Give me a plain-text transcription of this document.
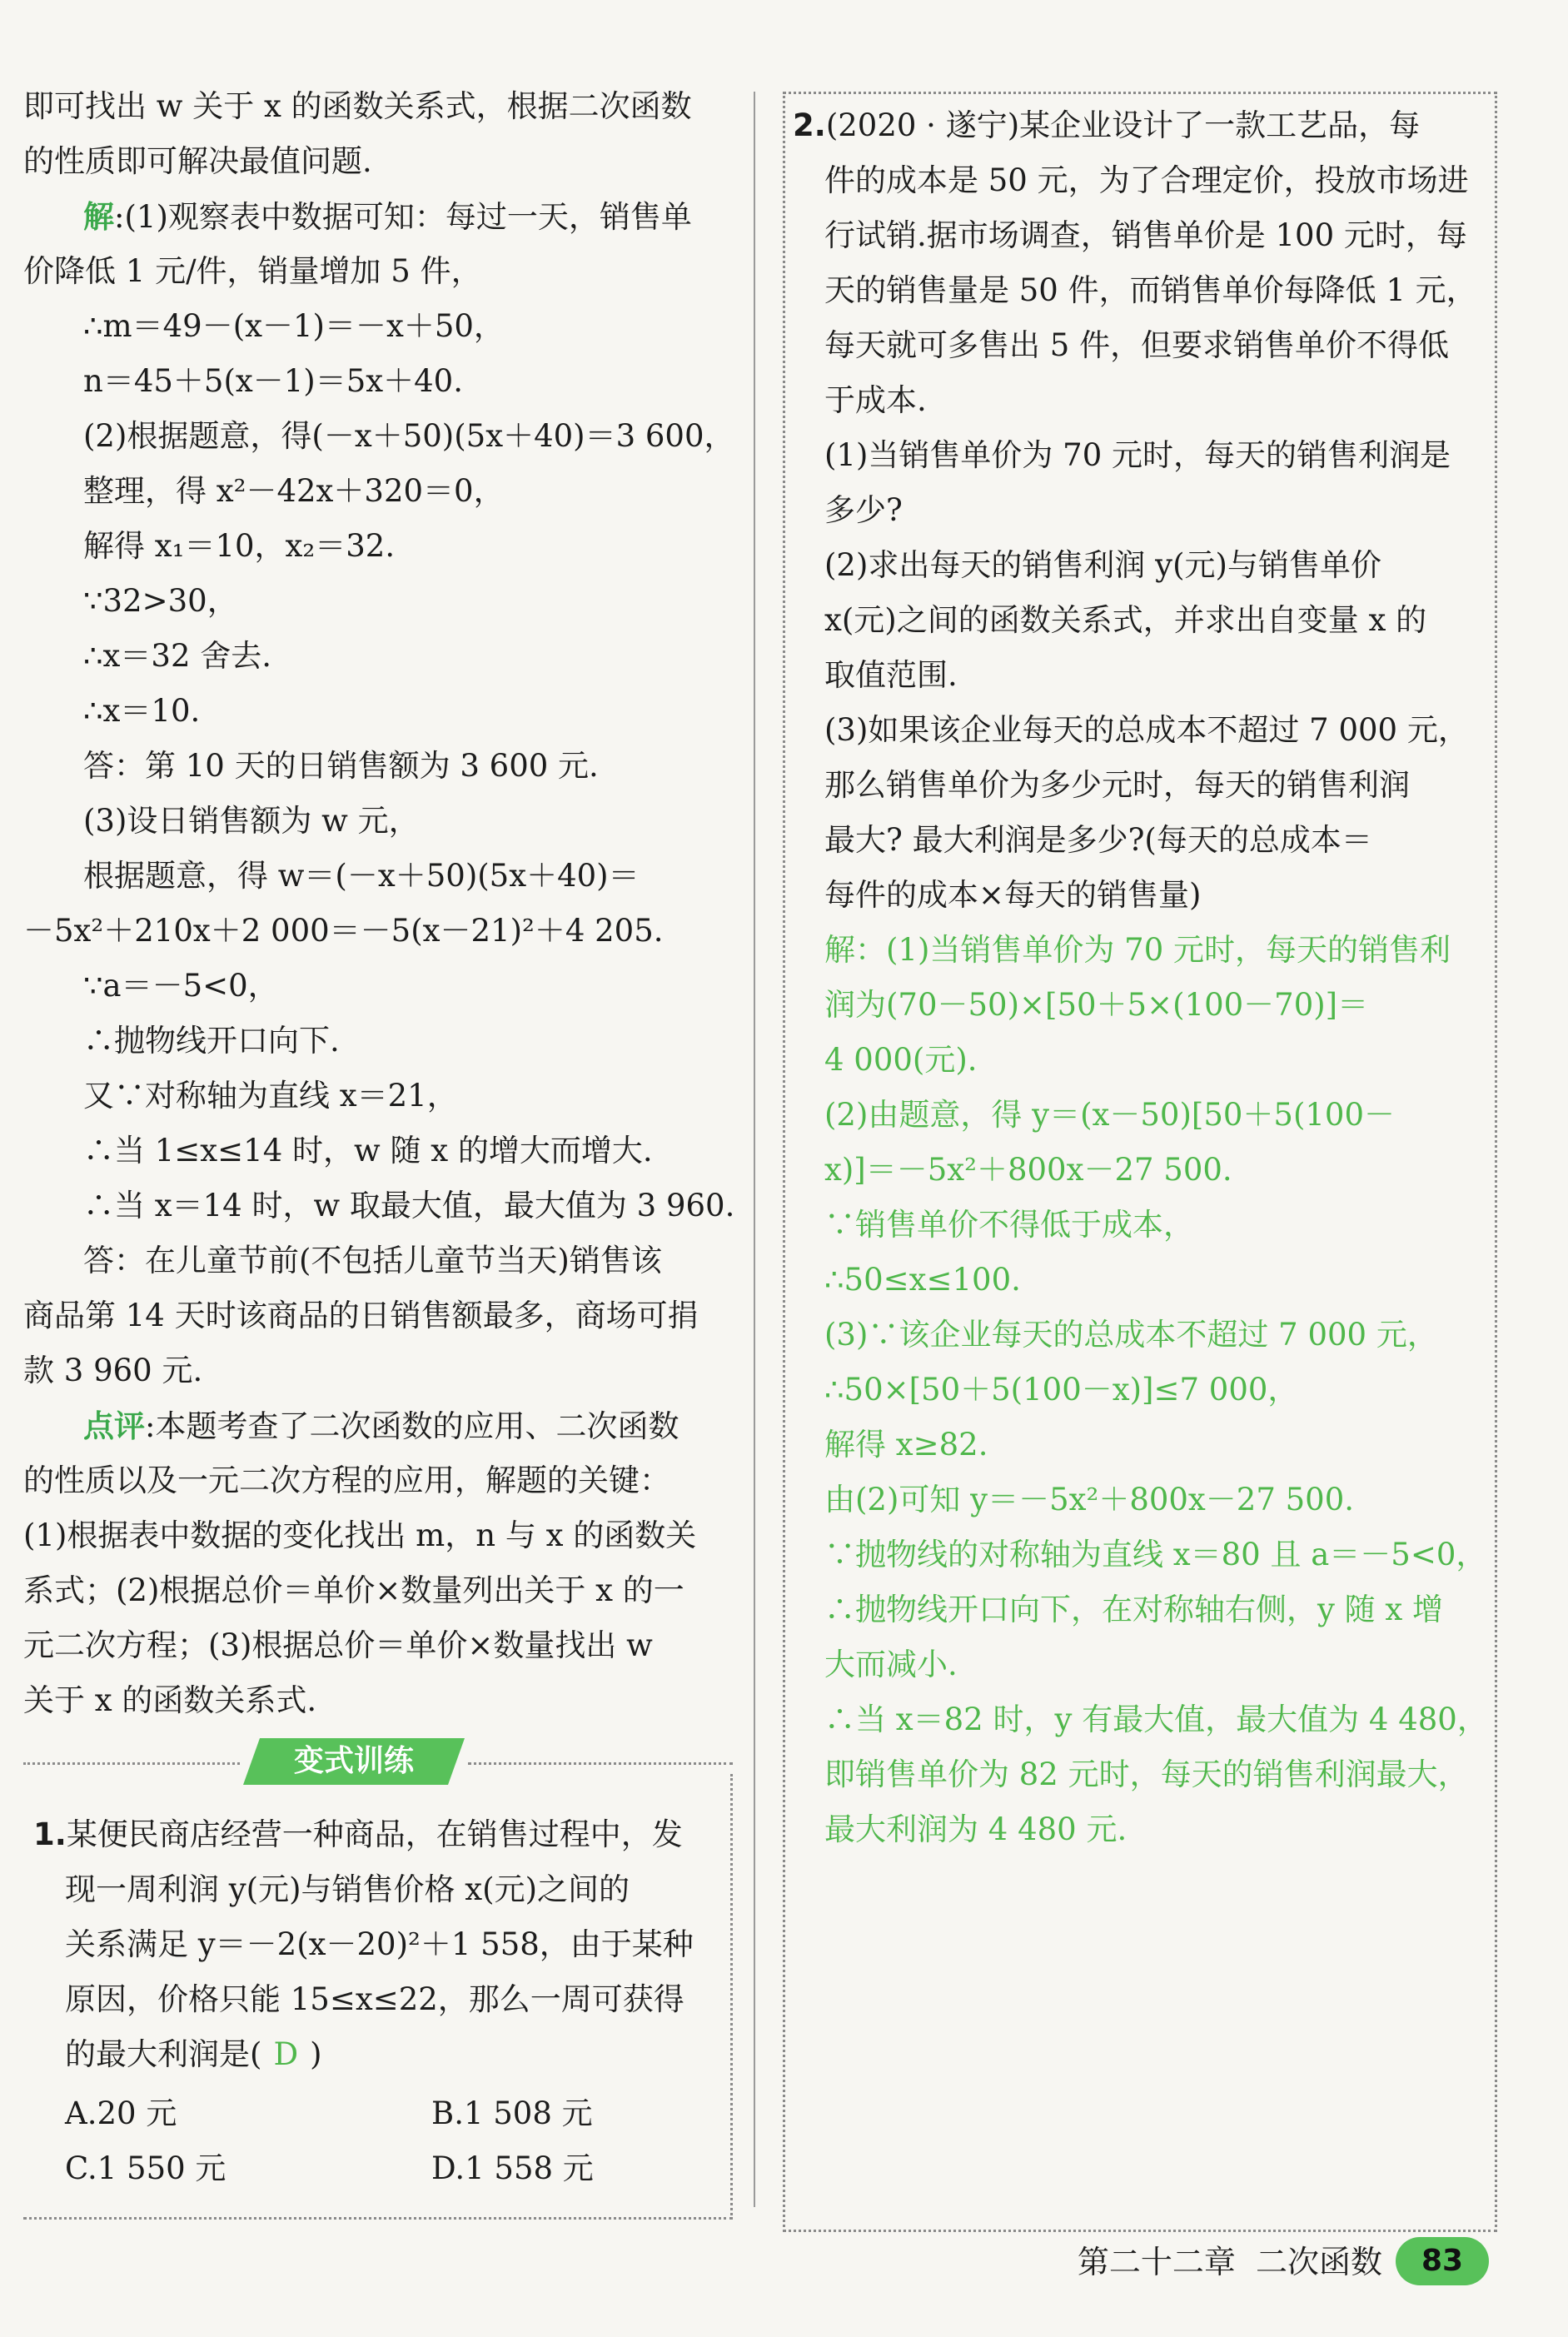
即可找出 w 关于 x 的函数关系式，根据二次函数
的性质即可解决最值问题.
解:(1)观察表中数据可知：每过一天，销售单
价降低 1 元/件，销量增加 5 件，
∴m＝49－(x－1)＝－x＋50，
n＝45＋5(x－1)＝5x＋40.
(2)根据题意，得(－x＋50)(5x＋40)＝3 600，
整理，得 x²－42x＋320＝0，
解得 x₁＝10，x₂＝32.
∵32>30，
∴x＝32 舍去.
∴x＝10.
答：第 10 天的日销售额为 3 600 元.
(3)设日销售额为 w 元，
根据题意，得 w＝(－x＋50)(5x＋40)＝
－5x²＋210x＋2 000＝－5(x－21)²＋4 205.
∵a＝－5<0，
∴抛物线开口向下.
又∵对称轴为直线 x＝21，
∴当 1≤x≤14 时，w 随 x 的增大而增大.
∴当 x＝14 时，w 取最大值，最大值为 3 960.
答：在儿童节前(不包括儿童节当天)销售该
商品第 14 天时该商品的日销售额最多，商场可捐
款 3 960 元.
点评:本题考查了二次函数的应用、二次函数
的性质以及一元二次方程的应用，解题的关键：
(1)根据表中数据的变化找出 m，n 与 x 的函数关
系式；(2)根据总价＝单价×数量列出关于 x 的一
元二次方程；(3)根据总价＝单价×数量找出 w
关于 x 的函数关系式.
变式训练
1.某便民商店经营一种商品，在销售过程中，发
现一周利润 y(元)与销售价格 x(元)之间的
关系满足 y＝－2(x－20)²＋1 558，由于某种
原因，价格只能 15≤x≤22，那么一周可获得
的最大利润是( D )
A.20 元	B.1 508 元
C.1 550 元	D.1 558 元
2.(2020 · 遂宁)某企业设计了一款工艺品，每
件的成本是 50 元，为了合理定价，投放市场进
行试销.据市场调查，销售单价是 100 元时，每
天的销售量是 50 件，而销售单价每降低 1 元，
每天就可多售出 5 件，但要求销售单价不得低
于成本.
(1)当销售单价为 70 元时，每天的销售利润是
多少?
(2)求出每天的销售利润 y(元)与销售单价
x(元)之间的函数关系式，并求出自变量 x 的
取值范围.
(3)如果该企业每天的总成本不超过 7 000 元，
那么销售单价为多少元时，每天的销售利润
最大? 最大利润是多少?(每天的总成本＝
每件的成本×每天的销售量)
解：(1)当销售单价为 70 元时，每天的销售利
润为(70－50)×[50＋5×(100－70)]＝
4 000(元).
(2)由题意，得 y＝(x－50)[50＋5(100－
x)]＝－5x²＋800x－27 500.
∵销售单价不得低于成本，
∴50≤x≤100.
(3)∵该企业每天的总成本不超过 7 000 元，
∴50×[50＋5(100－x)]≤7 000，
解得 x≥82.
由(2)可知 y＝－5x²＋800x－27 500.
∵抛物线的对称轴为直线 x＝80 且 a＝－5<0，
∴抛物线开口向下，在对称轴右侧，y 随 x 增
大而减小.
∴当 x＝82 时，y 有最大值，最大值为 4 480，
即销售单价为 82 元时，每天的销售利润最大，
最大利润为 4 480 元.
第二十二章  二次函数	83
